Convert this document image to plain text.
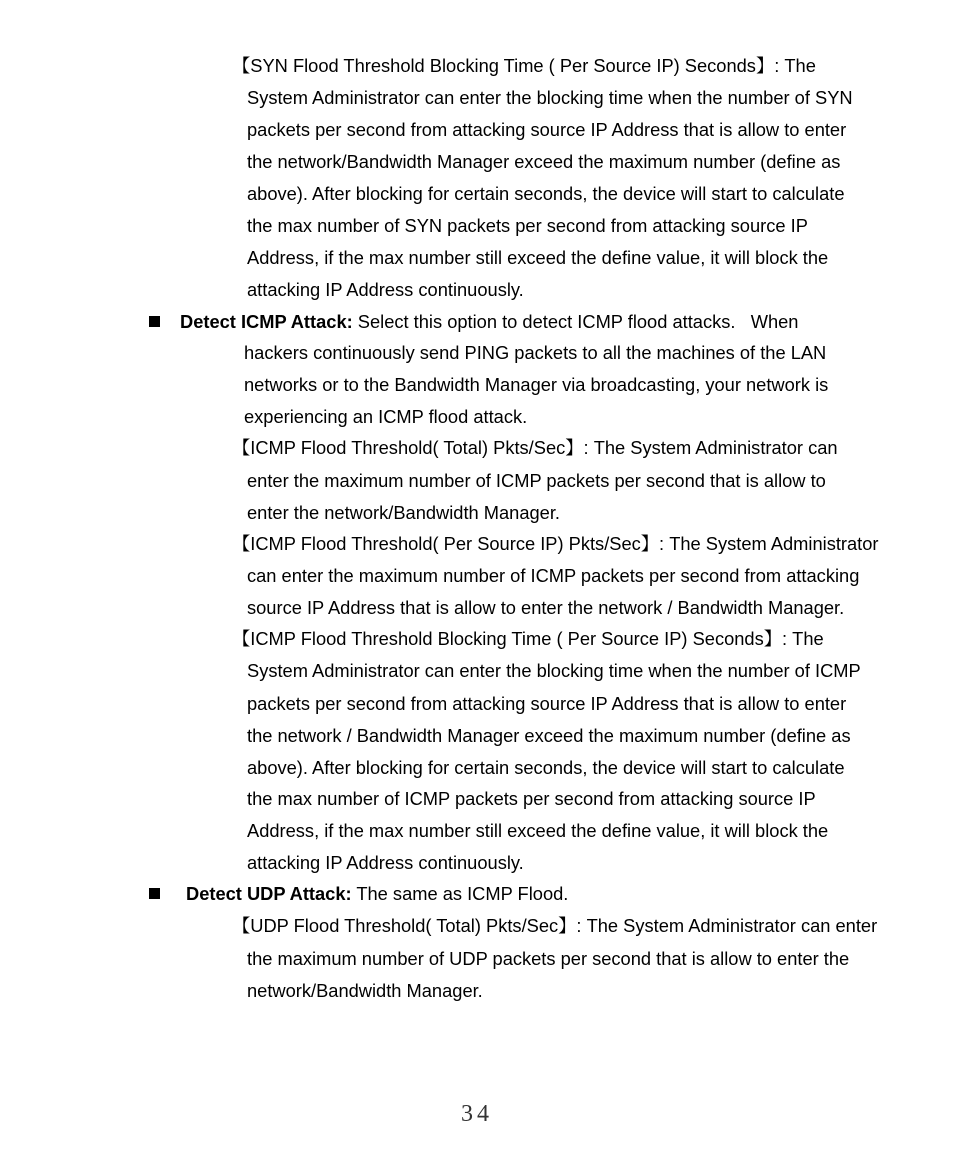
【SYN Flood Threshold Blocking Time ( Per Source IP) Seconds】: The
System Administrator can enter the blocking time when the number of SYN
packets per second from attacking source IP Address that is allow to enter
the network/Bandwidth Manager exceed the maximum number (define as
above). After blocking for certain seconds, the device will start to calculate
the max number of SYN packets per second from attacking source IP
Address, if the max number still exceed the define value, it will block the
attacking IP Address continuously.
Detect ICMP Attack: Select this option to detect ICMP flood attacks.   When
hackers continuously send PING packets to all the machines of the LAN
networks or to the Bandwidth Manager via broadcasting, your network is
experiencing an ICMP flood attack.
【ICMP Flood Threshold( Total) Pkts/Sec】: The System Administrator can
enter the maximum number of ICMP packets per second that is allow to
enter the network/Bandwidth Manager.
【ICMP Flood Threshold( Per Source IP) Pkts/Sec】: The System Administrator
can enter the maximum number of ICMP packets per second from attacking
source IP Address that is allow to enter the network / Bandwidth Manager.
【ICMP Flood Threshold Blocking Time ( Per Source IP) Seconds】: The
System Administrator can enter the blocking time when the number of ICMP
packets per second from attacking source IP Address that is allow to enter
the network / Bandwidth Manager exceed the maximum number (define as
above). After blocking for certain seconds, the device will start to calculate
the max number of ICMP packets per second from attacking source IP
Address, if the max number still exceed the define value, it will block the
attacking IP Address continuously.
Detect UDP Attack: The same as ICMP Flood.
【UDP Flood Threshold( Total) Pkts/Sec】: The System Administrator can enter
the maximum number of UDP packets per second that is allow to enter the
network/Bandwidth Manager.
34
